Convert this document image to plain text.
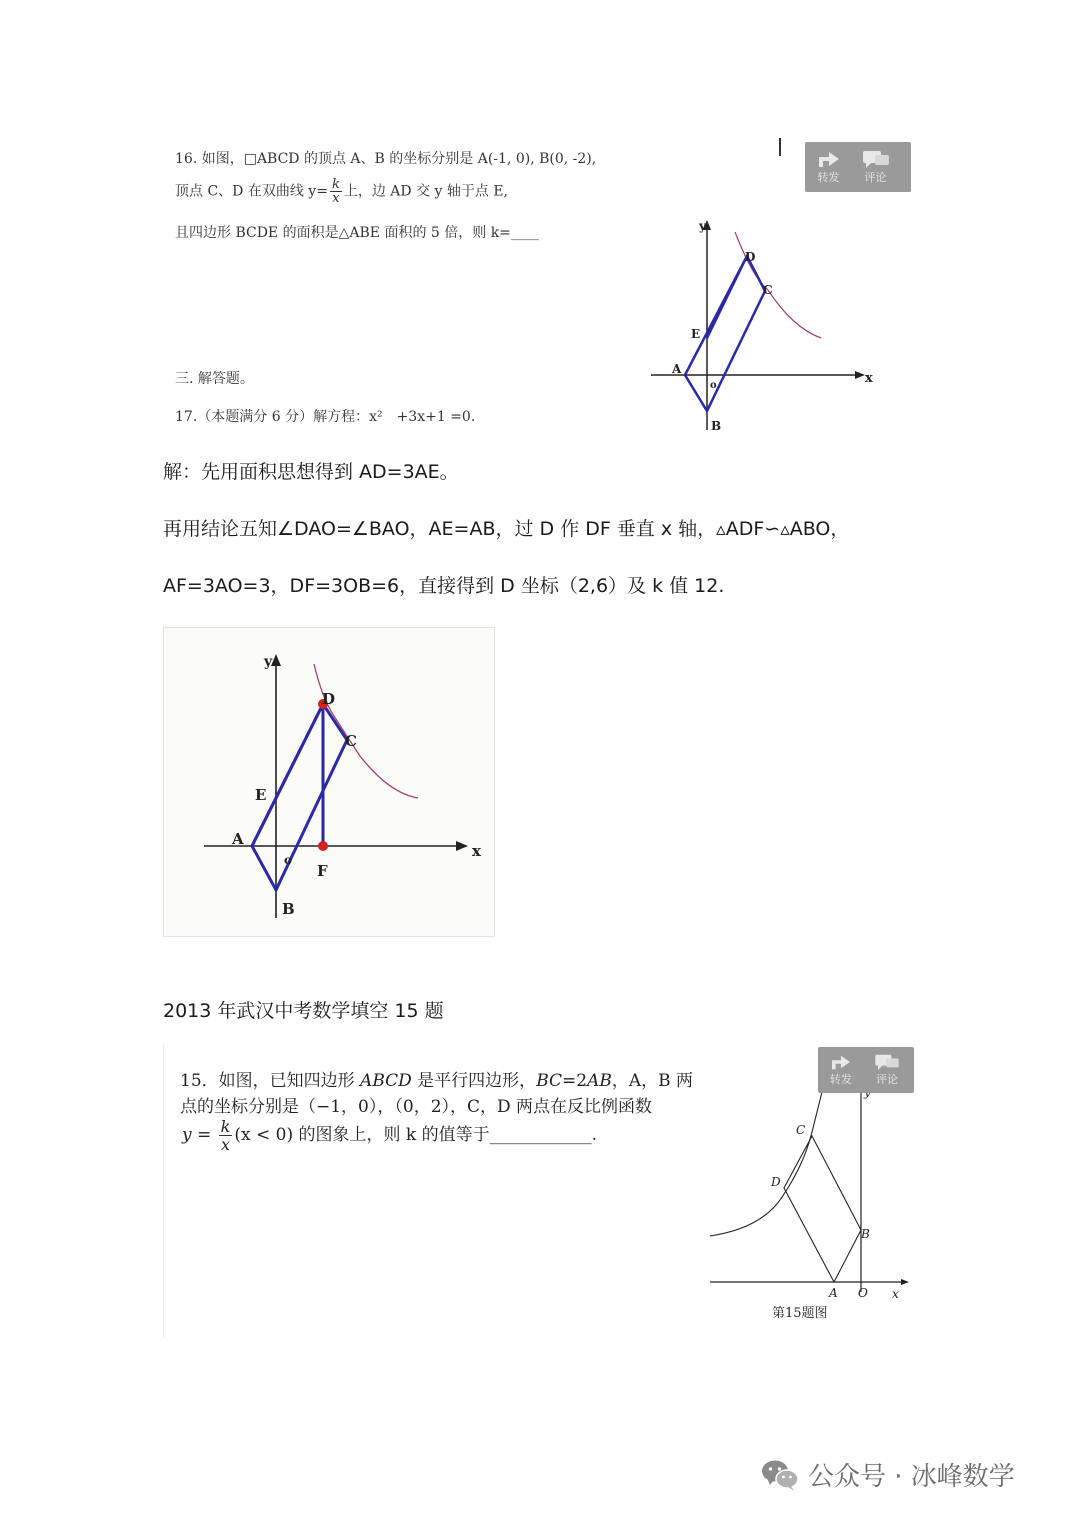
16. 如图，□ABCD 的顶点 A、B 的坐标分别是 A(-1, 0), B(0, -2),
顶点 C、D 在双曲线 $y= \frac{k}{x}$ 上，边 AD 交 y 轴于点 E,
且四边形 BCDE 的面积是△ABE 面积的 5 倍，则 k=____
三. 解答题。
17.（本题满分 6 分）解方程：x²　+3x+1 =0.
y
x
D
C
E
A
B
o
转发 评论
解：先用面积思想得到 AD=3AE。
再用结论五知∠DAO=∠BAO，AE=AB，过 D 作 DF 垂直 x 轴，▵ADF∽▵ABO，
AF=3AO=3，DF=3OB=6，直接得到 D 坐标（2,6）及 k 值 12.
y
x
D
C
E
A
o
F
B
2013 年武汉中考数学填空 15 题
15．如图，已知四边形 ABCD 是平行四边形，BC=2AB，A，B 两
点的坐标分别是（−1，0），（0，2），C，D 两点在反比例函数
$y = \frac{k}{x} (x < 0)$ 的图象上，则 k 的值等于____________.
x
C
D
B
A O
第15题图
转发 评论
公众号 · 冰峰数学
